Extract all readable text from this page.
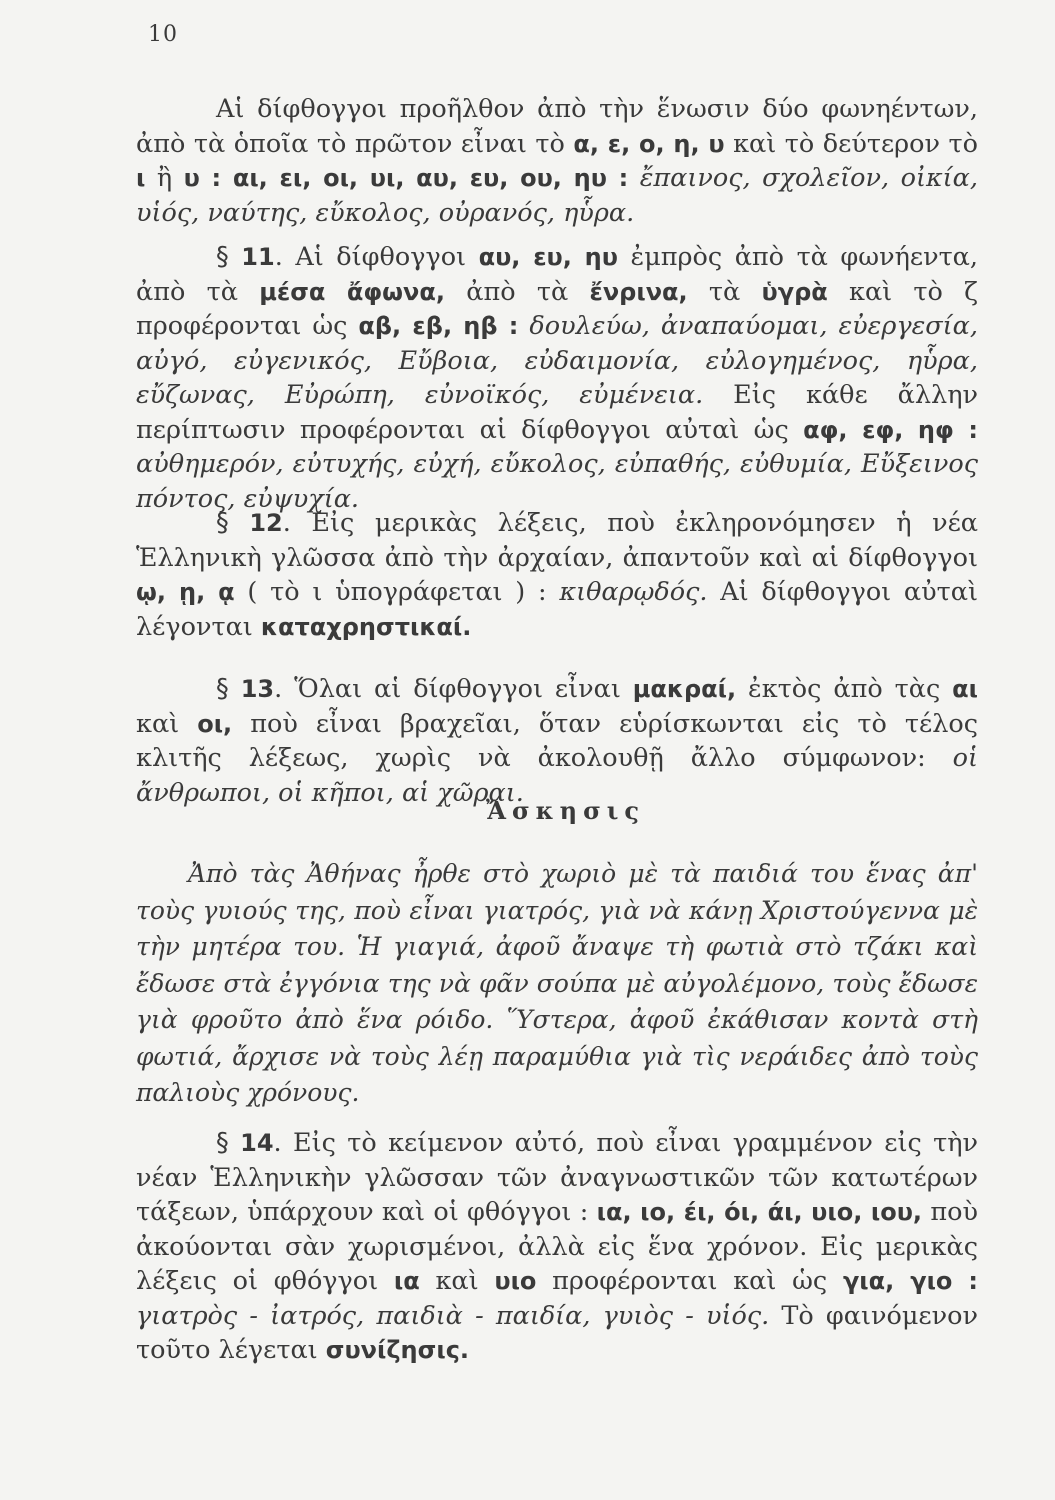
10

Αἱ δίφθογγοι προῆλθον ἀπὸ τὴν ἕνωσιν δύο φωνηέντων, ἀπὸ τὰ ὁποῖα τὸ πρῶτον εἶναι τὸ α, ε, ο, η, υ καὶ τὸ δεύτερον τὸ ι ἢ υ : αι, ει, οι, υι, αυ, ευ, ου, ηυ : ἔπαινος, σχολεῖον, οἰκία, υἱός, ναύτης, εὔκολος, οὐρανός, ηὗρα.

§ 11. Αἱ δίφθογγοι αυ, ευ, ηυ ἐμπρὸς ἀπὸ τὰ φωνήεντα, ἀπὸ τὰ μέσα ἄφωνα, ἀπὸ τὰ ἔνρινα, τὰ ὑγρὰ καὶ τὸ ζ προφέρονται ὡς αβ, εβ, ηβ : δουλεύω, ἀναπαύομαι, εὐεργεσία, αὐγό, εὐγενικός, Εὔβοια, εὐδαιμονία, εὐλογημένος, ηὗρα, εὔζωνας, Εὐρώπη, εὐνοϊκός, εὐμένεια. Εἰς κάθε ἄλλην περίπτωσιν προφέρονται αἱ δίφθογγοι αὐταὶ ὡς αφ, εφ, ηφ : αὐθημερόν, εὐτυχής, εὐχή, εὔκολος, εὐπαθής, εὐθυμία, Εὔξεινος πόντος, εὐψυχία.

§ 12. Εἰς μερικὰς λέξεις, ποὺ ἐκληρονόμησεν ἡ νέα Ἑλληνικὴ γλῶσσα ἀπὸ τὴν ἀρχαίαν, ἀπαντοῦν καὶ αἱ δίφθογγοι ῳ, ῃ, ᾳ ( τὸ ι ὑπογράφεται ) : κιθαρῳδός. Αἱ δίφθογγοι αὐταὶ λέγονται καταχρηστικαί.

§ 13. Ὅλαι αἱ δίφθογγοι εἶναι μακραί, ἐκτὸς ἀπὸ τὰς αι καὶ οι, ποὺ εἶναι βραχεῖαι, ὅταν εὑρίσκωνται εἰς τὸ τέλος κλιτῆς λέξεως, χωρὶς νὰ ἀκολουθῇ ἄλλο σύμφωνον: οἱ ἄνθρωποι, οἱ κῆποι, αἱ χῶραι.

Ἄσκησις

Ἀπὸ τὰς Ἀθήνας ἦρθε στὸ χωριὸ μὲ τὰ παιδιά του ἕνας ἀπ' τοὺς γυιούς της, ποὺ εἶναι γιατρός, γιὰ νὰ κάνῃ Χριστούγεννα μὲ τὴν μητέρα του. Ἡ γιαγιά, ἀφοῦ ἄναψε τὴ φωτιὰ στὸ τζάκι καὶ ἔδωσε στὰ ἐγγόνια της νὰ φᾶν σούπα μὲ αὐγολέμονο, τοὺς ἔδωσε γιὰ φροῦτο ἀπὸ ἕνα ρόιδο. Ὕστερα, ἀφοῦ ἐκάθισαν κοντὰ στὴ φωτιά, ἄρχισε νὰ τοὺς λέῃ παραμύθια γιὰ τὶς νεράιδες ἀπὸ τοὺς παλιοὺς χρόνους.

§ 14. Εἰς τὸ κείμενον αὐτό, ποὺ εἶναι γραμμένον εἰς τὴν νέαν Ἑλληνικὴν γλῶσσαν τῶν ἀναγνωστικῶν τῶν κατωτέρων τάξεων, ὑπάρχουν καὶ οἱ φθόγγοι : ια, ιο, έι, όι, άι, υιο, ιου, ποὺ ἀκούονται σὰν χωρισμένοι, ἀλλὰ εἰς ἕνα χρόνον. Εἰς μερικὰς λέξεις οἱ φθόγγοι ια καὶ υιο προφέρονται καὶ ὡς για, γιο : γιατρὸς - ἰατρός, παιδιὰ - παιδία, γυιὸς - υἱός. Τὸ φαινόμενον τοῦτο λέγεται συνίζησις.
